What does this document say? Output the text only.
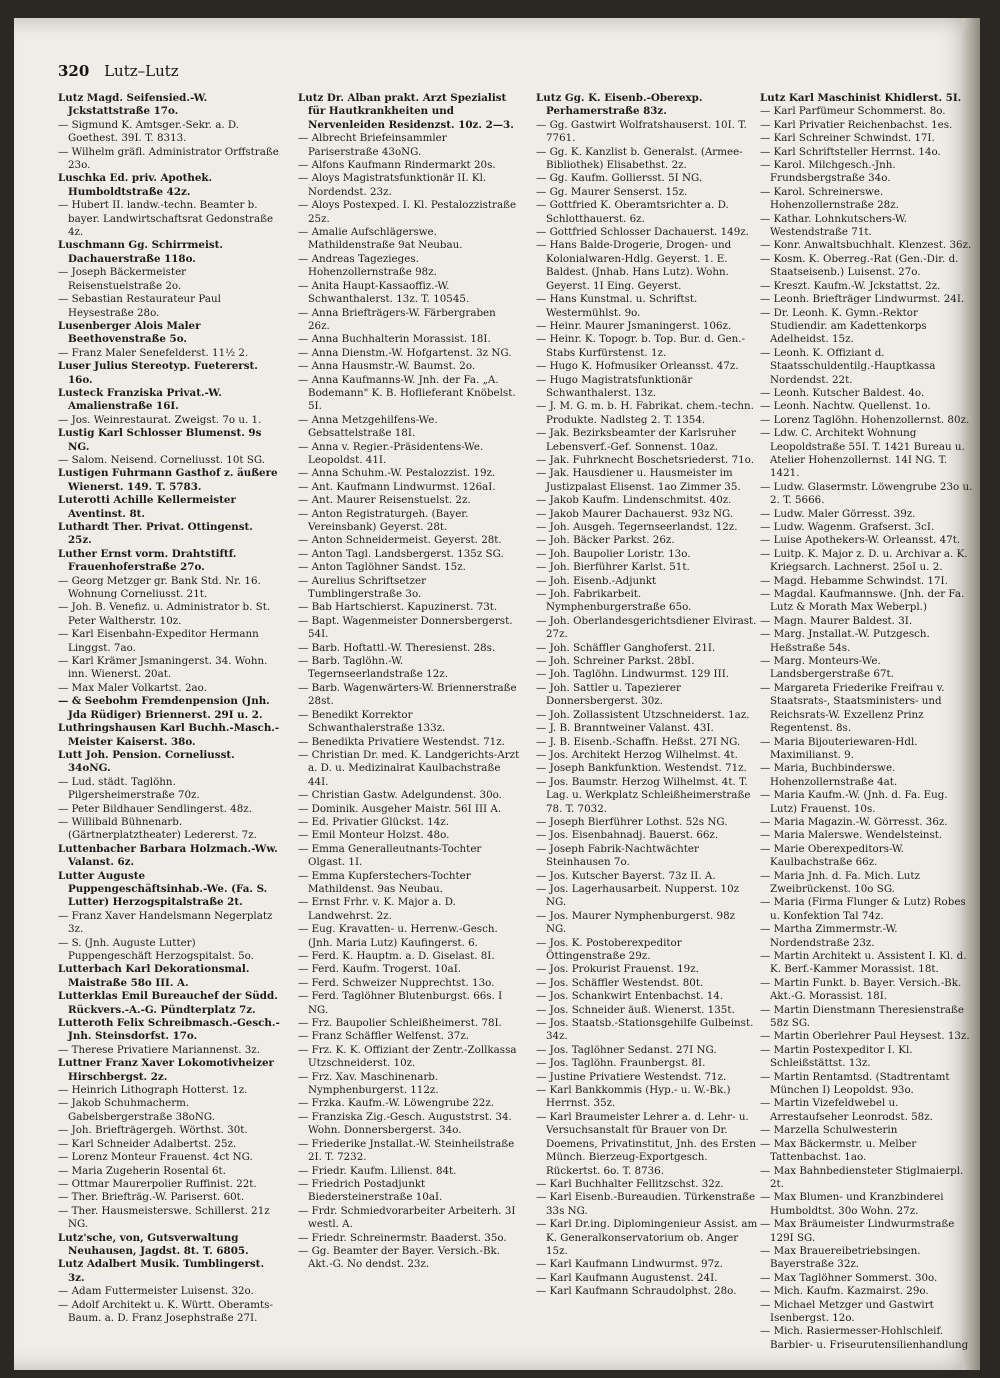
320 Lutz–Lutz

Lutz Magd. Seifensied.-W. Jckstattstraße 17o.

— Sigmund K. Amtsger.-Sekr. a. D. Goethest. 39I. T. 8313.

— Wilhelm gräfl. Administrator Orffstraße 23o.

Luschka Ed. priv. Apothek. Humboldtstraße 42z.

— Hubert II. landw.-techn. Beamter b. bayer. Landwirtschaftsrat Gedonstraße 4z.

Luschmann Gg. Schirrmeist. Dachauerstraße 118o.

— Joseph Bäckermeister Reisenstuelstraße 2o.

— Sebastian Restaurateur Paul Heysestraße 28o.

Lusenberger Alois Maler Beethovenstraße 5o.

— Franz Maler Senefelderst. 11½ 2.

Luser Julius Stereotyp. Fuetererst. 16o.

Lusteck Franziska Privat.-W. Amalienstraße 16I.

— Jos. Weinrestaurat. Zweigst. 7o u. 1.

Lustig Karl Schlosser Blumenst. 9s NG.

— Salom. Neisend. Corneliusst. 10t SG.

Lustigen Fuhrmann Gasthof z. äußere Wienerst. 149. T. 5783.

Luterotti Achille Kellermeister Aventinst. 8t.

Luthardt Ther. Privat. Ottingenst. 25z.

Luther Ernst vorm. Drahtstiftf. Frauenhoferstraße 27o.

— Georg Metzger gr. Bank Std. Nr. 16. Wohnung Corneliusst. 21t.

— Joh. B. Venefiz. u. Administrator b. St. Peter Waltherstr. 10z.

— Karl Eisenbahn-Expeditor Hermann Linggst. 7ao.

— Karl Krämer Jsmaningerst. 34. Wohn. inn. Wienerst. 20at.

— Max Maler Volkartst. 2ao.

— & Seebohm Fremdenpension (Jnh. Jda Rüdiger) Briennerst. 29I u. 2.

Luthringshausen Karl Buchh.-Masch.-Meister Kaiserst. 38o.

Lutt Joh. Pension. Corneliusst. 34oNG.

— Lud. städt. Taglöhn. Pilgersheimerstraße 70z.

— Peter Bildhauer Sendlingerst. 48z.

— Willibald Bühnenarb. (Gärtnerplatztheater) Ledererst. 7z.

Luttenbacher Barbara Holzmach.-Ww. Valanst. 6z.

Lutter Auguste Puppengeschäftsinhab.-We. (Fa. S. Lutter) Herzogspitalstraße 2t.

— Franz Xaver Handelsmann Negerplatz 3z.

— S. (Jnh. Auguste Lutter) Puppengeschäft Herzogspitalst. 5o.

Lutterbach Karl Dekorationsmal. Maistraße 58o III. A.

Lutterklas Emil Bureauchef der Südd. Rückvers.-A.-G. Pündterplatz 7z.

Lutteroth Felix Schreibmasch.-Gesch.-Jnh. Steinsdorfst. 17o.

— Therese Privatiere Mariannenst. 3z.

Luttner Franz Xaver Lokomotivheizer Hirschbergst. 2z.

— Heinrich Lithograph Hotterst. 1z.

— Jakob Schuhmacherm. Gabelsbergerstraße 38oNG.

— Joh. Briefträgergeh. Wörthst. 30t.

— Karl Schneider Adalbertst. 25z.

— Lorenz Monteur Frauenst. 4ct NG.

— Maria Zugeherin Rosental 6t.

— Ottmar Maurerpolier Ruffinist. 22t.

— Ther. Briefträg.-W. Pariserst. 60t.

— Ther. Hausmeisterswe. Schillerst. 21z NG.

Lutz'sche, von, Gutsverwaltung Neuhausen, Jagdst. 8t. T. 6805.

Lutz Adalbert Musik. Tumblingerst. 3z.

— Adam Futtermeister Luisenst. 32o.

— Adolf Architekt u. K. Württ. Oberamts-Baum. a. D. Franz Josephstraße 27I.

Lutz Dr. Alban prakt. Arzt Spezialist für Hautkrankheiten und Nervenleiden Residenzst. 10z. 2—3.

— Albrecht Briefeinsammler Pariserstraße 43oNG.

— Alfons Kaufmann Rindermarkt 20s.

— Aloys Magistratsfunktionär II. Kl. Nordendst. 23z.

— Aloys Postexped. I. Kl. Pestalozzistraße 25z.

— Amalie Aufschlägerswe. Mathildenstraße 9at Neubau.

— Andreas Tagezieges. Hohenzollernstraße 98z.

— Anita Haupt-Kassaoffiz.-W. Schwanthalerst. 13z. T. 10545.

— Anna Briefträgers-W. Färbergraben 26z.

— Anna Buchhalterin Morassist. 18I.

— Anna Dienstm.-W. Hofgartenst. 3z NG.

— Anna Hausmstr.-W. Baumst. 2o.

— Anna Kaufmanns-W. Jnh. der Fa. „A. Bodemann" K. B. Hoflieferant Knöbelst. 5I.

— Anna Metzgehilfens-We. Gebsattelstraße 18I.

— Anna v. Regier.-Präsidentens-We. Leopoldst. 41I.

— Anna Schuhm.-W. Pestalozzist. 19z.

— Ant. Kaufmann Lindwurmst. 126aI.

— Ant. Maurer Reisenstuelst. 2z.

— Anton Registraturgeh. (Bayer. Vereinsbank) Geyerst. 28t.

— Anton Schneidermeist. Geyerst. 28t.

— Anton Tagl. Landsbergerst. 135z SG.

— Anton Taglöhner Sandst. 15z.

— Aurelius Schriftsetzer Tumblingerstraße 3o.

— Bab Hartschierst. Kapuzinerst. 73t.

— Bapt. Wagenmeister Donnersbergerst. 54I.

— Barb. Hoftattl.-W. Theresienst. 28s.

— Barb. Taglöhn.-W. Tegernseerlandstraße 12z.

— Barb. Wagenwärters-W. Briennerstraße 28st.

— Benedikt Korrektor Schwanthalerstraße 133z.

— Benedikta Privatiere Westendst. 71z.

— Christian Dr. med. K. Landgerichts-Arzt a. D. u. Medizinalrat Kaulbachstraße 44I.

— Christian Gastw. Adelgundenst. 30o.

— Dominik. Ausgeher Maistr. 56I III A.

— Ed. Privatier Glückst. 14z.

— Emil Monteur Holzst. 48o.

— Emma Generalleutnants-Tochter Olgast. 1I.

— Emma Kupferstechers-Tochter Mathildenst. 9as Neubau.

— Ernst Frhr. v. K. Major a. D. Landwehrst. 2z.

— Eug. Kravatten- u. Herrenw.-Gesch. (Jnh. Maria Lutz) Kaufingerst. 6.

— Ferd. K. Hauptm. a. D. Giselast. 8I.

— Ferd. Kaufm. Trogerst. 10aI.

— Ferd. Schweizer Nupprechtst. 13o.

— Ferd. Taglöhner Blutenburgst. 66s. I NG.

— Frz. Baupolier Schleißheimerst. 78I.

— Franz Schäffler Welfenst. 37z.

— Frz. K. K. Offiziant der Zentr.-Zollkassa Utzschneiderst. 10z.

— Frz. Xav. Maschinenarb. Nymphenburgerst. 112z.

— Frzka. Kaufm.-W. Löwengrube 22z.

— Franziska Zig.-Gesch. Auguststrst. 34. Wohn. Donnersbergerst. 34o.

— Friederike Jnstallat.-W. Steinheilstraße 2I. T. 7232.

— Friedr. Kaufm. Lilienst. 84t.

— Friedrich Postadjunkt Biedersteinerstraße 10aI.

— Frdr. Schmiedvorarbeiter Arbeiterh. 3I westl. A.

— Friedr. Schreinermstr. Baaderst. 35o.

— Gg. Beamter der Bayer. Versich.-Bk. Akt.-G. No dendst. 23z.

Lutz Gg. K. Eisenb.-Oberexp. Perhamerstraße 83z.

— Gg. Gastwirt Wolfratshauserst. 10I. T. 7761.

— Gg. K. Kanzlist b. Generalst. (Armee-Bibliothek) Elisabethst. 2z.

— Gg. Kaufm. Golliersst. 5I NG.

— Gg. Maurer Senserst. 15z.

— Gottfried K. Oberamtsrichter a. D. Schlotthauerst. 6z.

— Gottfried Schlosser Dachauerst. 149z.

— Hans Balde-Drogerie, Drogen- und Kolonialwaren-Hdlg. Geyerst. 1. E. Baldest. (Jnhab. Hans Lutz). Wohn. Geyerst. 1I Eing. Geyerst.

— Hans Kunstmal. u. Schriftst. Westermühlst. 9o.

— Heinr. Maurer Jsmaningerst. 106z.

— Heinr. K. Topogr. b. Top. Bur. d. Gen.-Stabs Kurfürstenst. 1z.

— Hugo K. Hofmusiker Orleansst. 47z.

— Hugo Magistratsfunktionär Schwanthalerst. 13z.

— J. M. G. m. b. H. Fabrikat. chem.-techn. Produkte. Nadlsteg 2. T. 1354.

— Jak. Bezirksbeamter der Karlsruher Lebensverf.-Gef. Sonnenst. 10az.

— Jak. Fuhrknecht Boschetsriederst. 71o.

— Jak. Hausdiener u. Hausmeister im Justizpalast Elisenst. 1ao Zimmer 35.

— Jakob Kaufm. Lindenschmitst. 40z.

— Jakob Maurer Dachauerst. 93z NG.

— Joh. Ausgeh. Tegernseerlandst. 12z.

— Joh. Bäcker Parkst. 26z.

— Joh. Baupolier Loristr. 13o.

— Joh. Bierführer Karlst. 51t.

— Joh. Eisenb.-Adjunkt

— Joh. Fabrikarbeit. Nymphenburgerstraße 65o.

— Joh. Oberlandesgerichtsdiener Elvirast. 27z.

— Joh. Schäffler Ganghoferst. 21I.

— Joh. Schreiner Parkst. 28bI.

— Joh. Taglöhn. Lindwurmst. 129 III.

— Joh. Sattler u. Tapezierer Donnersbergerst. 30z.

— Joh. Zollassistent Utzschneiderst. 1az.

— J. B. Branntweiner Valanst. 43I.

— J. B. Eisenb.-Schaffn. Heßst. 27I NG.

— Jos. Architekt Herzog Wilhelmst. 4t.

— Joseph Bankfunktion. Westendst. 71z.

— Jos. Baumstr. Herzog Wilhelmst. 4t. T. Lag. u. Werkplatz Schleißheimerstraße 78. T. 7032.

— Joseph Bierführer Lothst. 52s NG.

— Jos. Eisenbahnadj. Bauerst. 66z.

— Joseph Fabrik-Nachtwächter Steinhausen 7o.

— Jos. Kutscher Bayerst. 73z II. A.

— Jos. Lagerhausarbeit. Nupperst. 10z NG.

— Jos. Maurer Nymphenburgerst. 98z NG.

— Jos. K. Postoberexpeditor Öttingenstraße 29z.

— Jos. Prokurist Frauenst. 19z.

— Jos. Schäffler Westendst. 80t.

— Jos. Schankwirt Entenbachst. 14.

— Jos. Schneider äuß. Wienerst. 135t.

— Jos. Staatsb.-Stationsgehilfe Gulbeinst. 34z.

— Jos. Taglöhner Sedanst. 27I NG.

— Jos. Taglöhn. Fraunbergst. 8I.

— Justine Privatiere Westendst. 71z.

— Karl Bankkommis (Hyp.- u. W.-Bk.) Herrnst. 35z.

— Karl Braumeister Lehrer a. d. Lehr- u. Versuchsanstalt für Brauer von Dr. Doemens, Privatinstitut, Jnh. des Ersten Münch. Bierzeug-Exportgesch. Rückertst. 6o. T. 8736.

— Karl Buchhalter Fellitzschst. 32z.

— Karl Eisenb.-Bureaudien. Türkenstraße 33s NG.

— Karl Dr.ing. Diplomingenieur Assist. am K. Generalkonservatorium ob. Anger 15z.

— Karl Kaufmann Lindwurmst. 97z.

— Karl Kaufmann Augustenst. 24I.

— Karl Kaufmann Schraudolphst. 28o.

Lutz Karl Maschinist Khidlerst. 5I.

— Karl Parfümeur Schommerst. 8o.

— Karl Privatier Reichenbachst. 1es.

— Karl Schreiner Schwindst. 17I.

— Karl Schriftsteller Herrnst. 14o.

— Karol. Milchgesch.-Jnh. Frundsbergstraße 34o.

— Karol. Schreinerswe. Hohenzollernstraße 28z.

— Kathar. Lohnkutschers-W. Westendstraße 71t.

— Konr. Anwaltsbuchhalt. Klenzest. 36z.

— Kosm. K. Oberreg.-Rat (Gen.-Dir. d. Staatseisenb.) Luisenst. 27o.

— Kreszt. Kaufm.-W. Jckstattst. 2z.

— Leonh. Briefträger Lindwurmst. 24I.

— Dr. Leonh. K. Gymn.-Rektor Studiendir. am Kadettenkorps Adelheidst. 15z.

— Leonh. K. Offiziant d. Staatsschuldentilg.-Hauptkassa Nordendst. 22t.

— Leonh. Kutscher Baldest. 4o.

— Leonh. Nachtw. Quellenst. 1o.

— Lorenz Taglöhn. Hohenzollernst. 80z.

— Ldw. C. Architekt Wohnung Leopoldstraße 55I. T. 1421 Bureau u. Atelier Hohenzollernst. 14I NG. T. 1421.

— Ludw. Glasermstr. Löwengrube 23o u. 2. T. 5666.

— Ludw. Maler Görresst. 39z.

— Ludw. Wagenm. Grafserst. 3cI.

— Luise Apothekers-W. Orleansst. 47t.

— Luitp. K. Major z. D. u. Archivar a. K. Kriegsarch. Lachnerst. 25oI u. 2.

— Magd. Hebamme Schwindst. 17I.

— Magdal. Kaufmannswe. (Jnh. der Fa. Lutz & Morath Max Weberpl.)

— Magn. Maurer Baldest. 3I.

— Marg. Jnstallat.-W. Putzgesch. Heßstraße 54s.

— Marg. Monteurs-We. Landsbergerstraße 67t.

— Margareta Friederike Freifrau v. Staatsrats-, Staatsministers- und Reichsrats-W. Exzellenz Prinz Regentenst. 8s.

— Maria Bijouteriewaren-Hdl. Maximilianst. 9.

— Maria, Buchbinderswe. Hohenzollernstraße 4at.

— Maria Kaufm.-W. (Jnh. d. Fa. Eug. Lutz) Frauenst. 10s.

— Maria Magazin.-W. Görresst. 36z.

— Maria Malerswe. Wendelsteinst.

— Marie Oberexpeditors-W. Kaulbachstraße 66z.

— Maria Jnh. d. Fa. Mich. Lutz Zweibrückenst. 10o SG.

— Maria (Firma Flunger & Lutz) Robes u. Konfektion Tal 74z.

— Martha Zimmermstr.-W. Nordendstraße 23z.

— Martin Architekt u. Assistent I. Kl. d. K. Berf.-Kammer Morassist. 18t.

— Martin Funkt. b. Bayer. Versich.-Bk. Akt.-G. Morassist. 18I.

— Martin Dienstmann Theresienstraße 58z SG.

— Martin Oberlehrer Paul Heysest. 13z.

— Martin Postexpeditor I. Kl. Schleißstättst. 13z.

— Martin Rentamtsd. (Stadtrentamt München I) Leopoldst. 93o.

— Martin Vizefeldwebel u. Arrestaufseher Leonrodst. 58z.

— Marzella Schulwesterin

— Max Bäckermstr. u. Melber Tattenbachst. 1ao.

— Max Bahnbediensteter Stiglmaierpl. 2t.

— Max Blumen- und Kranzbinderei Humboldtst. 30o Wohn. 27z.

— Max Bräumeister Lindwurmstraße 129I SG.

— Max Brauereibetriebsingen. Bayerstraße 32z.

— Max Taglöhner Sommerst. 30o.

— Mich. Kaufm. Kazmairst. 29o.

— Michael Metzger und Gastwirt Isenbergst. 12o.

— Mich. Rasiermesser-Hohlschleif. Barbier- u. Friseurutensilienhandlung
